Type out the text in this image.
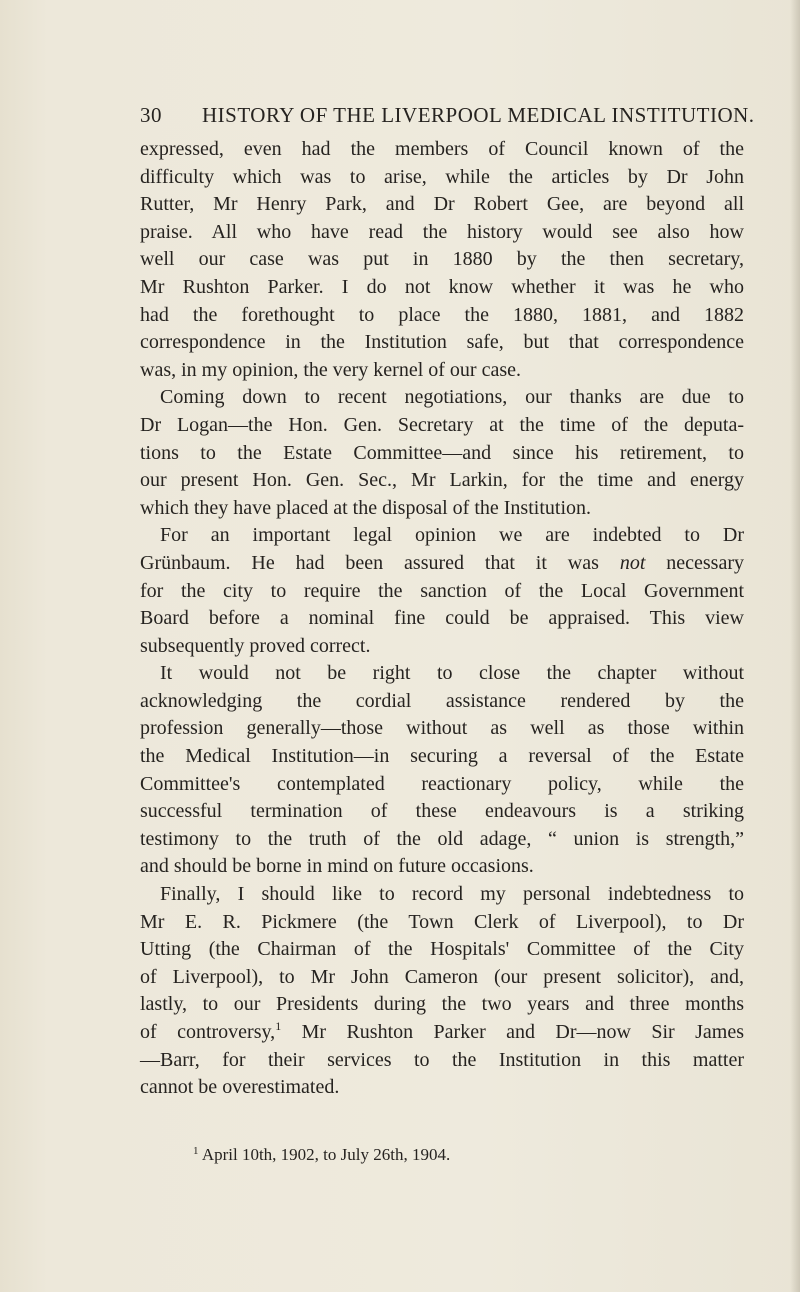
30 HISTORY OF THE LIVERPOOL MEDICAL INSTITUTION.
expressed, even had the members of Council known of the
difficulty which was to arise, while the articles by Dr John
Rutter, Mr Henry Park, and Dr Robert Gee, are beyond all
praise. All who have read the history would see also how
well our case was put in 1880 by the then secretary,
Mr Rushton Parker. I do not know whether it was he who
had the forethought to place the 1880, 1881, and 1882
correspondence in the Institution safe, but that correspondence
was, in my opinion, the very kernel of our case.
Coming down to recent negotiations, our thanks are due to
Dr Logan—the Hon. Gen. Secretary at the time of the deputa-
tions to the Estate Committee—and since his retirement, to
our present Hon. Gen. Sec., Mr Larkin, for the time and energy
which they have placed at the disposal of the Institution.
For an important legal opinion we are indebted to Dr
Grünbaum. He had been assured that it was not necessary
for the city to require the sanction of the Local Government
Board before a nominal fine could be appraised. This view
subsequently proved correct.
It would not be right to close the chapter without
acknowledging the cordial assistance rendered by the
profession generally—those without as well as those within
the Medical Institution—in securing a reversal of the Estate
Committee's contemplated reactionary policy, while the
successful termination of these endeavours is a striking
testimony to the truth of the old adage, “ union is strength,”
and should be borne in mind on future occasions.
Finally, I should like to record my personal indebtedness to
Mr E. R. Pickmere (the Town Clerk of Liverpool), to Dr
Utting (the Chairman of the Hospitals' Committee of the City
of Liverpool), to Mr John Cameron (our present solicitor), and,
lastly, to our Presidents during the two years and three months
of controversy,$^1$ Mr Rushton Parker and Dr—now Sir James
—Barr, for their services to the Institution in this matter
cannot be overestimated.
$^1$ April 10th, 1902, to July 26th, 1904.
